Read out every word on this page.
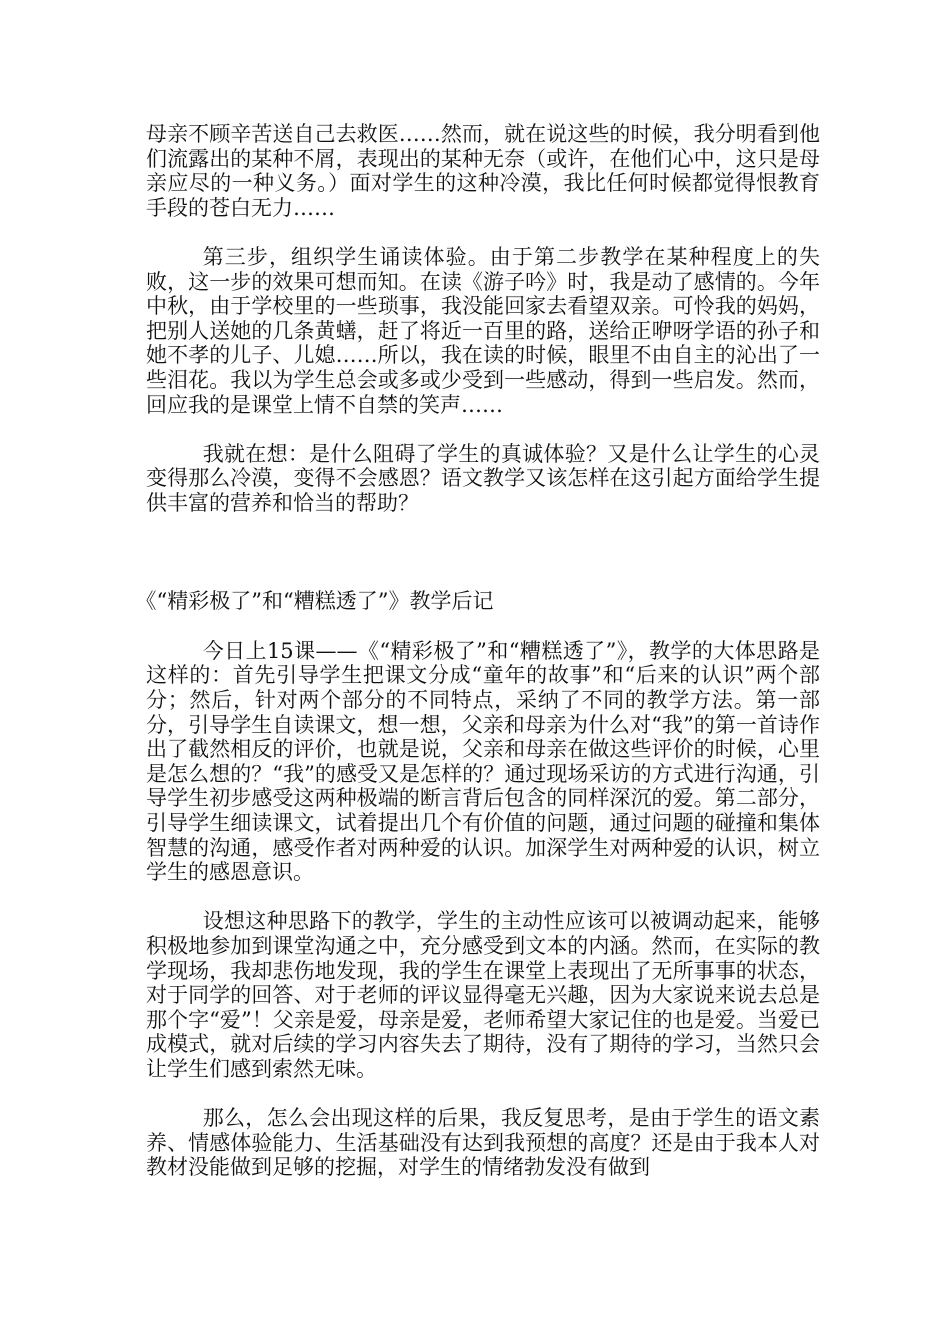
母亲不顾辛苦送自己去救医……然而，就在说这些的时候，我分明看到他们流露出的某种不屑，表现出的某种无奈（或许，在他们心中，这只是母亲应尽的一种义务。）面对学生的这种冷漠，我比任何时候都觉得恨教育手段的苍白无力……

第三步，组织学生诵读体验。由于第二步教学在某种程度上的失败，这一步的效果可想而知。在读《游子吟》时，我是动了感情的。今年中秋，由于学校里的一些琐事，我没能回家去看望双亲。可怜我的妈妈，把别人送她的几条黄蟮，赶了将近一百里的路，送给正咿呀学语的孙子和她不孝的儿子、儿媳……所以，我在读的时候，眼里不由自主的沁出了一些泪花。我以为学生总会或多或少受到一些感动，得到一些启发。然而，回应我的是课堂上情不自禁的笑声……

我就在想：是什么阻碍了学生的真诚体验？又是什么让学生的心灵变得那么冷漠，变得不会感恩？语文教学又该怎样在这引起方面给学生提供丰富的营养和恰当的帮助？

《“精彩极了”和“糟糕透了”》教学后记

今日上15课——《“精彩极了”和“糟糕透了”》，教学的大体思路是这样的：首先引导学生把课文分成“童年的故事”和“后来的认识”两个部分；然后，针对两个部分的不同特点，采纳了不同的教学方法。第一部分，引导学生自读课文，想一想，父亲和母亲为什么对“我”的第一首诗作出了截然相反的评价，也就是说，父亲和母亲在做这些评价的时候，心里是怎么想的？“我”的感受又是怎样的？通过现场采访的方式进行沟通，引导学生初步感受这两种极端的断言背后包含的同样深沉的爱。第二部分，引导学生细读课文，试着提出几个有价值的问题，通过问题的碰撞和集体智慧的沟通，感受作者对两种爱的认识。加深学生对两种爱的认识，树立学生的感恩意识。

设想这种思路下的教学，学生的主动性应该可以被调动起来，能够积极地参加到课堂沟通之中，充分感受到文本的内涵。然而，在实际的教学现场，我却悲伤地发现，我的学生在课堂上表现出了无所事事的状态，对于同学的回答、对于老师的评议显得毫无兴趣，因为大家说来说去总是那个字“爱”！父亲是爱，母亲是爱，老师希望大家记住的也是爱。当爱已成模式，就对后续的学习内容失去了期待，没有了期待的学习，当然只会让学生们感到索然无味。

那么，怎么会出现这样的后果，我反复思考，是由于学生的语文素养、情感体验能力、生活基础没有达到我预想的高度？还是由于我本人对教材没能做到足够的挖掘，对学生的情绪勃发没有做到
